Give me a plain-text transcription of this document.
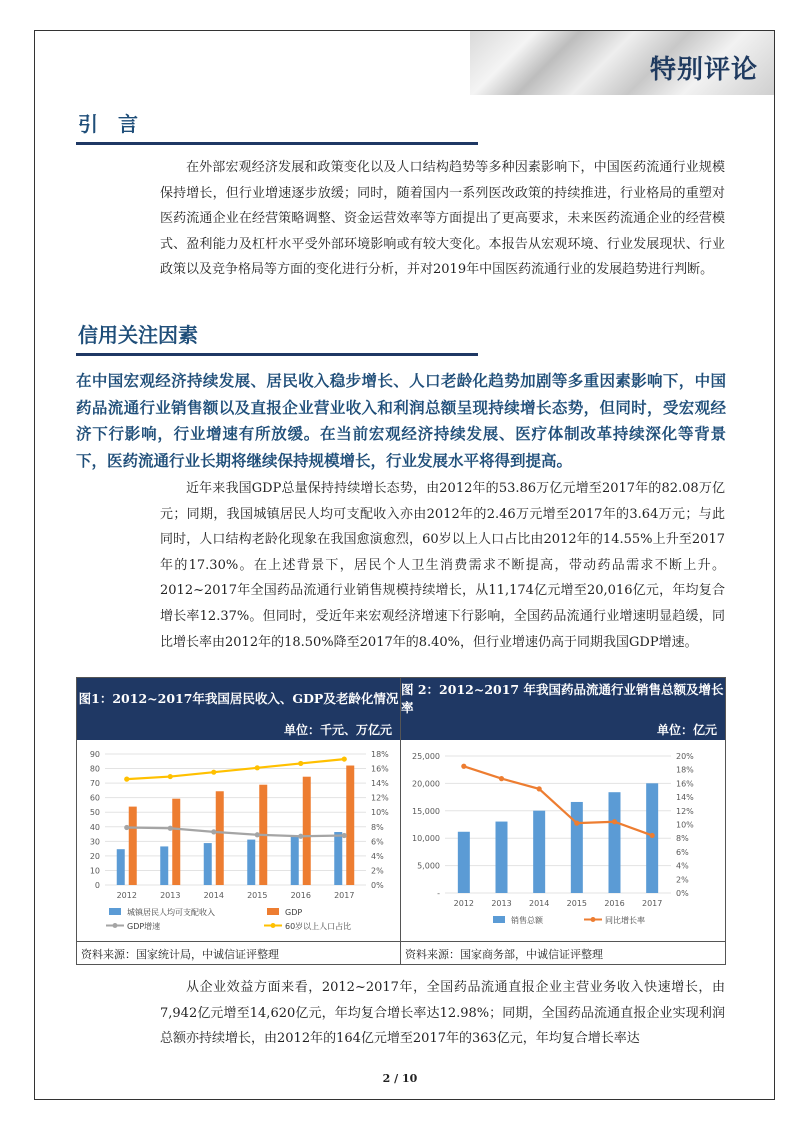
特别评论
引　言

在外部宏观经济发展和政策变化以及人口结构趋势等多种因素影响下，中国医药流通行业规模保持增长，但行业增速逐步放缓；同时，随着国内一系列医改政策的持续推进，行业格局的重塑对医药流通企业在经营策略调整、资金运营效率等方面提出了更高要求，未来医药流通企业的经营模式、盈利能力及杠杆水平受外部环境影响或有较大变化。本报告从宏观环境、行业发展现状、行业政策以及竞争格局等方面的变化进行分析，并对2019年中国医药流通行业的发展趋势进行判断。

信用关注因素

在中国宏观经济持续发展、居民收入稳步增长、人口老龄化趋势加剧等多重因素影响下，中国药品流通行业销售额以及直报企业营业收入和利润总额呈现持续增长态势，但同时，受宏观经济下行影响，行业增速有所放缓。在当前宏观经济持续发展、医疗体制改革持续深化等背景下，医药流通行业长期将继续保持规模增长，行业发展水平将得到提高。

近年来我国GDP总量保持持续增长态势，由2012年的53.86万亿元增至2017年的82.08万亿元；同期，我国城镇居民人均可支配收入亦由2012年的2.46万元增至2017年的3.64万元；与此同时，人口结构老龄化现象在我国愈演愈烈，60岁以上人口占比由2012年的14.55%上升至2017年的17.30%。在上述背景下，居民个人卫生消费需求不断提高，带动药品需求不断上升。2012~2017年全国药品流通行业销售规模持续增长，从11,174亿元增至20,016亿元，年均复合增长率12.37%。但同时，受近年来宏观经济增速下行影响，全国药品流通行业增速明显趋缓，同比增长率由2012年的18.50%降至2017年的8.40%，但行业增速仍高于同期我国GDP增速。

图1：2012~2017年我国居民收入、GDP及老龄化情况
图 2：2012~2017 年我国药品流通行业销售总额及增长率
单位：千元、万亿元	单位：亿元
0
10
20
30
40
50
60
70
80
90
0%
2%
4%
6%
8%
10%
12%
14%
16%
18%
2012	2013	2014	2015	2016	2017
城镇居民人均可支配收入	GDP
GDP增速	60岁以上人口占比
-
5,000
10,000
15,000
20,000
25,000
0%
2%
4%
6%
8%
10%
12%
14%
16%
18%
20%
2012 2013 2014 2015 2016 2017
销售总额	同比增长率
资料来源：国家统计局，中诚信证评整理	资料来源：国家商务部，中诚信证评整理

从企业效益方面来看，2012~2017年，全国药品流通直报企业主营业务收入快速增长，由7,942亿元增至14,620亿元，年均复合增长率达12.98%；同期，全国药品流通直报企业实现利润总额亦持续增长，由2012年的164亿元增至2017年的363亿元，年均复合增长率达

2 / 10
